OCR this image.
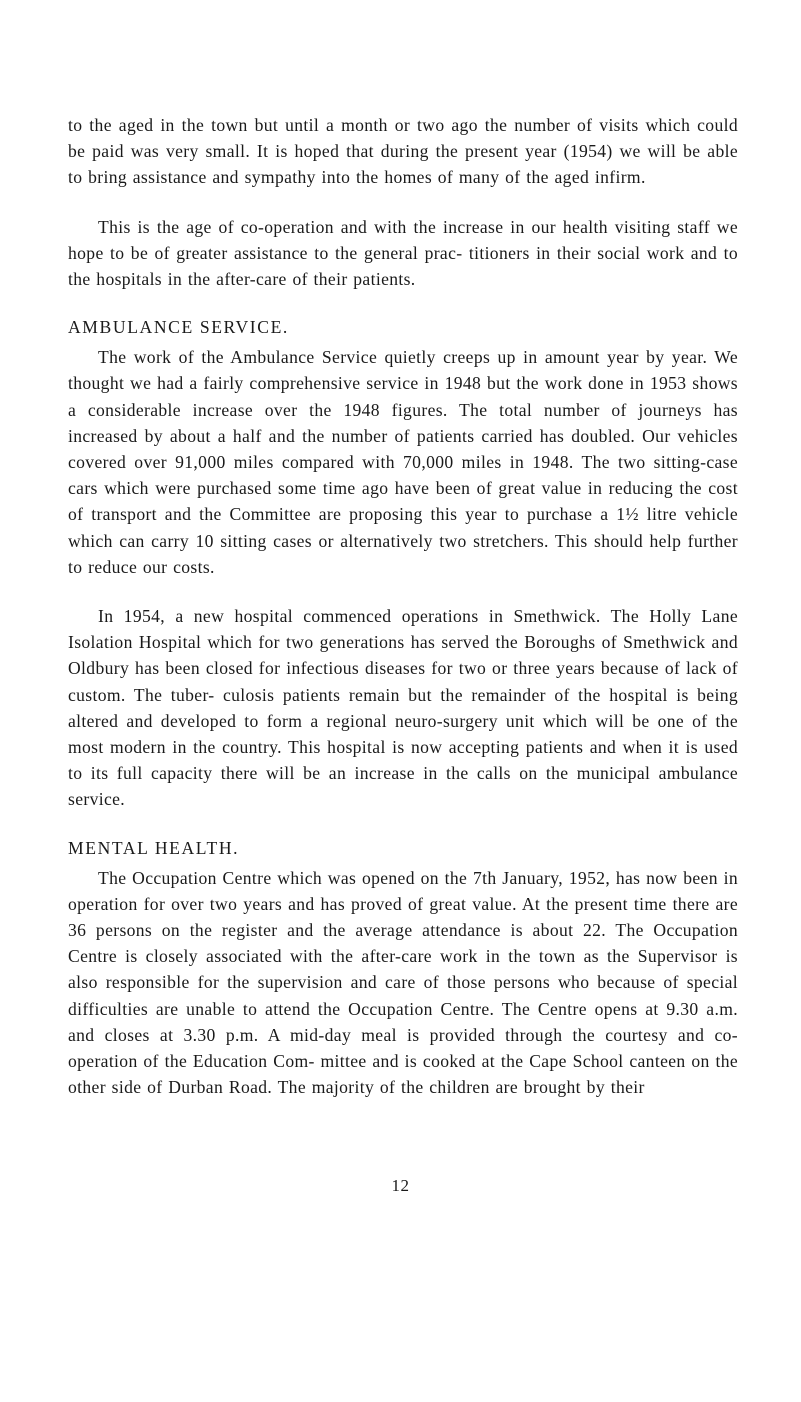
to the aged in the town but until a month or two ago the number of visits which could be paid was very small. It is hoped that during the present year (1954) we will be able to bring assistance and sympathy into the homes of many of the aged infirm.

This is the age of co-operation and with the increase in our health visiting staff we hope to be of greater assistance to the general prac- titioners in their social work and to the hospitals in the after-care of their patients.

AMBULANCE SERVICE.

The work of the Ambulance Service quietly creeps up in amount year by year. We thought we had a fairly comprehensive service in 1948 but the work done in 1953 shows a considerable increase over the 1948 figures. The total number of journeys has increased by about a half and the number of patients carried has doubled. Our vehicles covered over 91,000 miles compared with 70,000 miles in 1948. The two sitting-case cars which were purchased some time ago have been of great value in reducing the cost of transport and the Committee are proposing this year to purchase a 1½ litre vehicle which can carry 10 sitting cases or alternatively two stretchers. This should help further to reduce our costs.

In 1954, a new hospital commenced operations in Smethwick. The Holly Lane Isolation Hospital which for two generations has served the Boroughs of Smethwick and Oldbury has been closed for infectious diseases for two or three years because of lack of custom. The tuber- culosis patients remain but the remainder of the hospital is being altered and developed to form a regional neuro-surgery unit which will be one of the most modern in the country. This hospital is now accepting patients and when it is used to its full capacity there will be an increase in the calls on the municipal ambulance service.

MENTAL HEALTH.

The Occupation Centre which was opened on the 7th January, 1952, has now been in operation for over two years and has proved of great value. At the present time there are 36 persons on the register and the average attendance is about 22. The Occupation Centre is closely associated with the after-care work in the town as the Supervisor is also responsible for the supervision and care of those persons who because of special difficulties are unable to attend the Occupation Centre. The Centre opens at 9.30 a.m. and closes at 3.30 p.m. A mid-day meal is provided through the courtesy and co-operation of the Education Com- mittee and is cooked at the Cape School canteen on the other side of Durban Road. The majority of the children are brought by their

12
